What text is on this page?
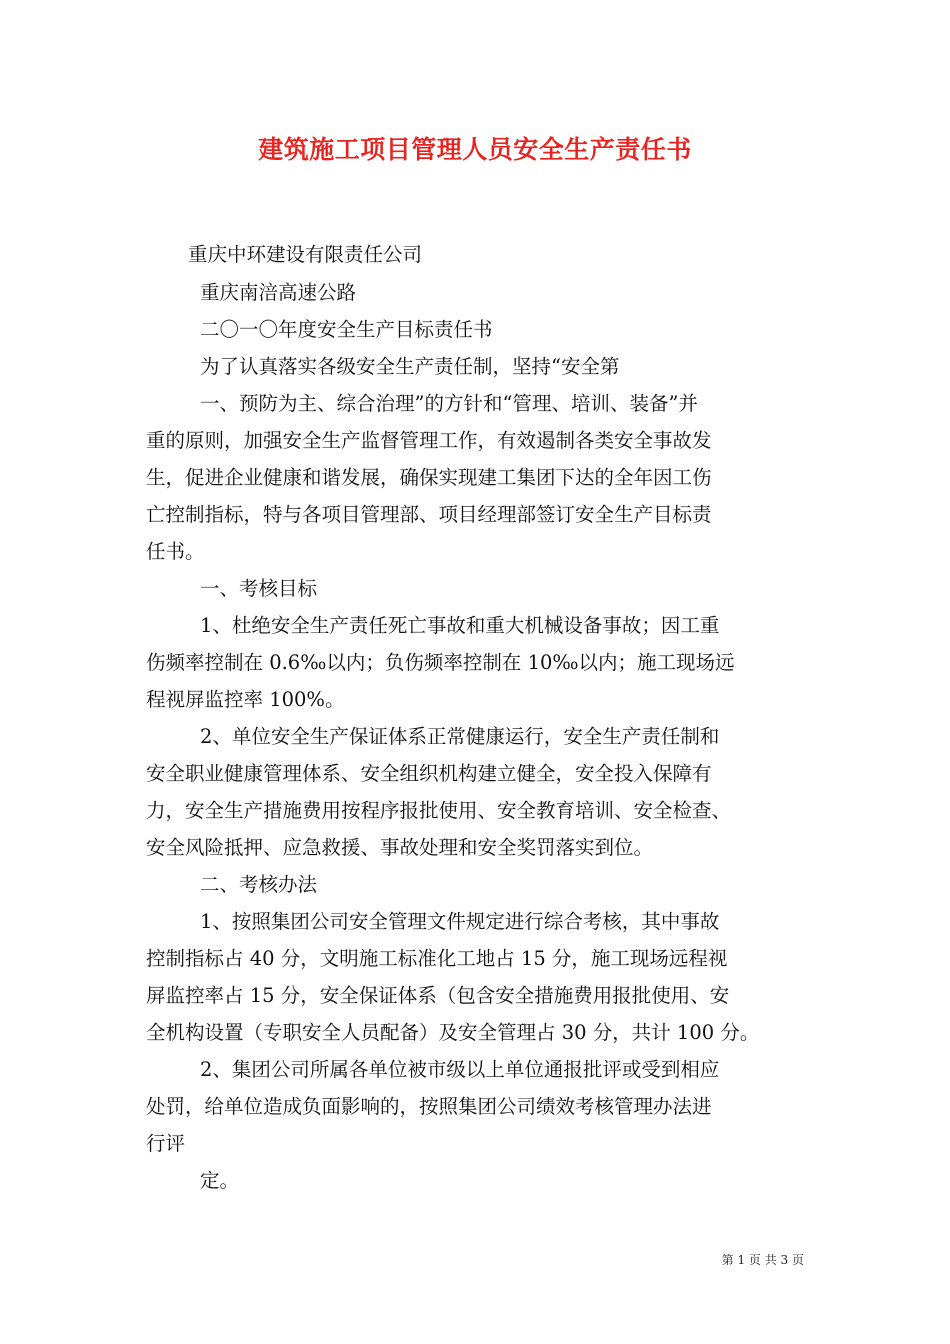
建筑施工项目管理人员安全生产责任书
重庆中环建设有限责任公司
重庆南涪高速公路
二〇一〇年度安全生产目标责任书
为了认真落实各级安全生产责任制，坚持“安全第
一、预防为主、综合治理”的方针和“管理、培训、装备”并
重的原则，加强安全生产监督管理工作，有效遏制各类安全事故发
生，促进企业健康和谐发展，确保实现建工集团下达的全年因工伤
亡控制指标，特与各项目管理部、项目经理部签订安全生产目标责
任书。
一、考核目标
1、杜绝安全生产责任死亡事故和重大机械设备事故；因工重
伤频率控制在 0.6‰以内；负伤频率控制在 10‰以内；施工现场远
程视屏监控率 100%。
2、单位安全生产保证体系正常健康运行，安全生产责任制和
安全职业健康管理体系、安全组织机构建立健全，安全投入保障有
力，安全生产措施费用按程序报批使用、安全教育培训、安全检查、
安全风险抵押、应急救援、事故处理和安全奖罚落实到位。
二、考核办法
1、按照集团公司安全管理文件规定进行综合考核，其中事故
控制指标占 40 分，文明施工标准化工地占 15 分，施工现场远程视
屏监控率占 15 分，安全保证体系（包含安全措施费用报批使用、安
全机构设置（专职安全人员配备）及安全管理占 30 分，共计 100 分。
2、集团公司所属各单位被市级以上单位通报批评或受到相应
处罚，给单位造成负面影响的，按照集团公司绩效考核管理办法进
行评
定。
第 1 页 共 3 页
